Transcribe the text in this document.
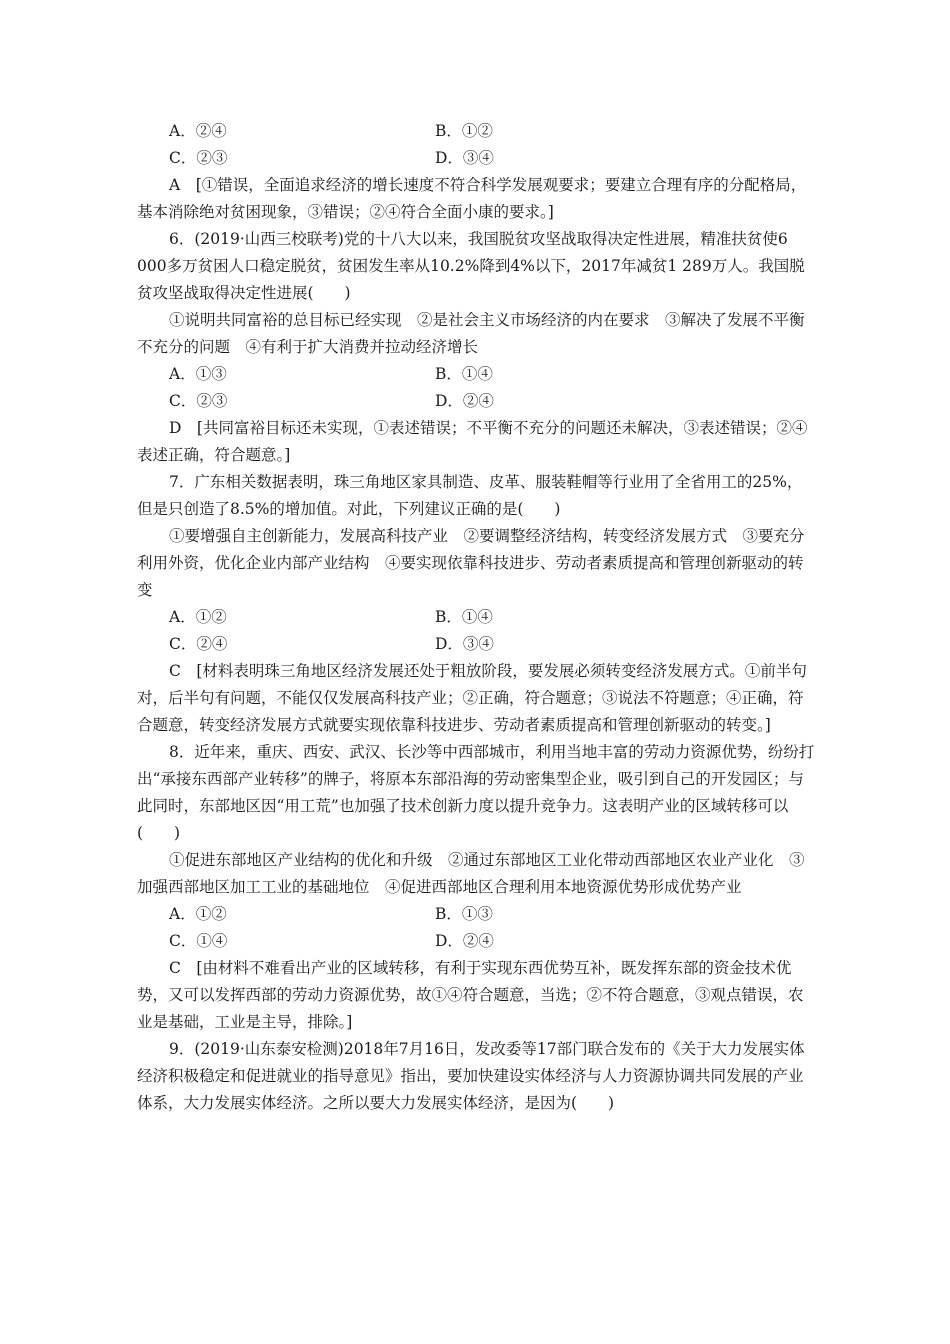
A．②④	B．①②
C．②③	D．③④

A　[①错误，全面追求经济的增长速度不符合科学发展观要求；要建立合理有序的分配格局，基本消除绝对贫困现象，③错误；②④符合全面小康的要求。]

6．(2019·山西三校联考)党的十八大以来，我国脱贫攻坚战取得决定性进展，精准扶贫使6 000多万贫困人口稳定脱贫，贫困发生率从10.2%降到4%以下，2017年减贫1 289万人。我国脱贫攻坚战取得决定性进展(　　)

①说明共同富裕的总目标已经实现　②是社会主义市场经济的内在要求　③解决了发展不平衡不充分的问题　④有利于扩大消费并拉动经济增长

A．①③	B．①④
C．②③	D．②④

D　[共同富裕目标还未实现，①表述错误；不平衡不充分的问题还未解决，③表述错误；②④表述正确，符合题意。]

7．广东相关数据表明，珠三角地区家具制造、皮革、服装鞋帽等行业用了全省用工的25%，但是只创造了8.5%的增加值。对此，下列建议正确的是(　　)

①要增强自主创新能力，发展高科技产业　②要调整经济结构，转变经济发展方式　③要充分利用外资，优化企业内部产业结构　④要实现依靠科技进步、劳动者素质提高和管理创新驱动的转变

A．①②	B．①④
C．②④	D．③④

C　[材料表明珠三角地区经济发展还处于粗放阶段，要发展必须转变经济发展方式。①前半句对，后半句有问题，不能仅仅发展高科技产业；②正确，符合题意；③说法不符题意；④正确，符合题意，转变经济发展方式就要实现依靠科技进步、劳动者素质提高和管理创新驱动的转变。]

8．近年来，重庆、西安、武汉、长沙等中西部城市，利用当地丰富的劳动力资源优势，纷纷打出“承接东西部产业转移”的牌子，将原本东部沿海的劳动密集型企业，吸引到自己的开发园区；与此同时，东部地区因“用工荒”也加强了技术创新力度以提升竞争力。这表明产业的区域转移可以(　　)

①促进东部地区产业结构的优化和升级　②通过东部地区工业化带动西部地区农业产业化　③加强西部地区加工工业的基础地位　④促进西部地区合理利用本地资源优势形成优势产业

A．①②	B．①③
C．①④	D．②④

C　[由材料不难看出产业的区域转移，有利于实现东西优势互补，既发挥东部的资金技术优势，又可以发挥西部的劳动力资源优势，故①④符合题意，当选；②不符合题意，③观点错误，农业是基础，工业是主导，排除。]

9．(2019·山东泰安检测)2018年7月16日，发改委等17部门联合发布的《关于大力发展实体经济积极稳定和促进就业的指导意见》指出，要加快建设实体经济与人力资源协调共同发展的产业体系，大力发展实体经济。之所以要大力发展实体经济，是因为(　　)
